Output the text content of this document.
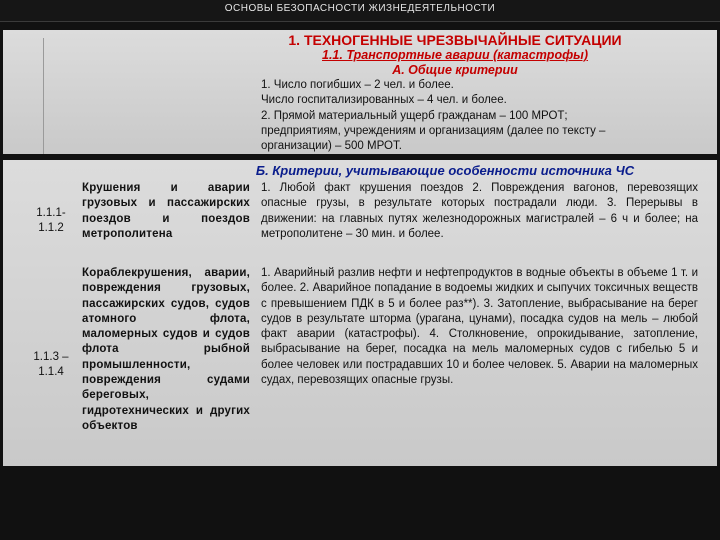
ОСНОВЫ БЕЗОПАСНОСТИ ЖИЗНЕДЕЯТЕЛЬНОСТИ
1. ТЕХНОГЕННЫЕ ЧРЕЗВЫЧАЙНЫЕ СИТУАЦИИ
1.1. Транспортные аварии (катастрофы)
А. Общие критерии
1. Число погибших – 2 чел. и более.
Число госпитализированных – 4 чел. и более.
2. Прямой материальный ущерб гражданам – 100 МРОТ;
предприятиям, учреждениям и организациям (далее по тексту –
организации) – 500 МРОТ.
Б. Критерии, учитывающие особенности источника ЧС
1.1.1-
1.1.2
Крушения и аварии грузовых и пассажирских поездов и поездов метрополитена
1. Любой факт крушения поездов 2. Повреждения вагонов, перевозящих опасные грузы, в результате которых пострадали люди. 3. Перерывы в движении: на главных путях железнодорожных магистралей – 6 ч и более; на метрополитене – 30 мин. и более.
1.1.3 –
1.1.4
Кораблекрушения, аварии, повреждения грузовых, пассажирских судов, судов атомного флота, маломерных судов и судов флота рыбной промышленности, повреждения судами береговых, гидротехнических и других объектов
1. Аварийный разлив нефти и нефтепродуктов в водные объекты в объеме 1 т. и более. 2. Аварийное попадание в водоемы жидких и сыпучих токсичных веществ с превышением ПДК в 5 и более раз**). 3. Затопление, выбрасывание на берег судов в результате шторма (урагана, цунами), посадка судов на мель – любой факт аварии (катастрофы). 4. Столкновение, опрокидывание, затопление, выбрасывание на берег, посадка на мель маломерных судов с гибелью 5 и более человек или пострадавших 10 и более человек. 5. Аварии на маломерных судах, перевозящих опасные грузы.
